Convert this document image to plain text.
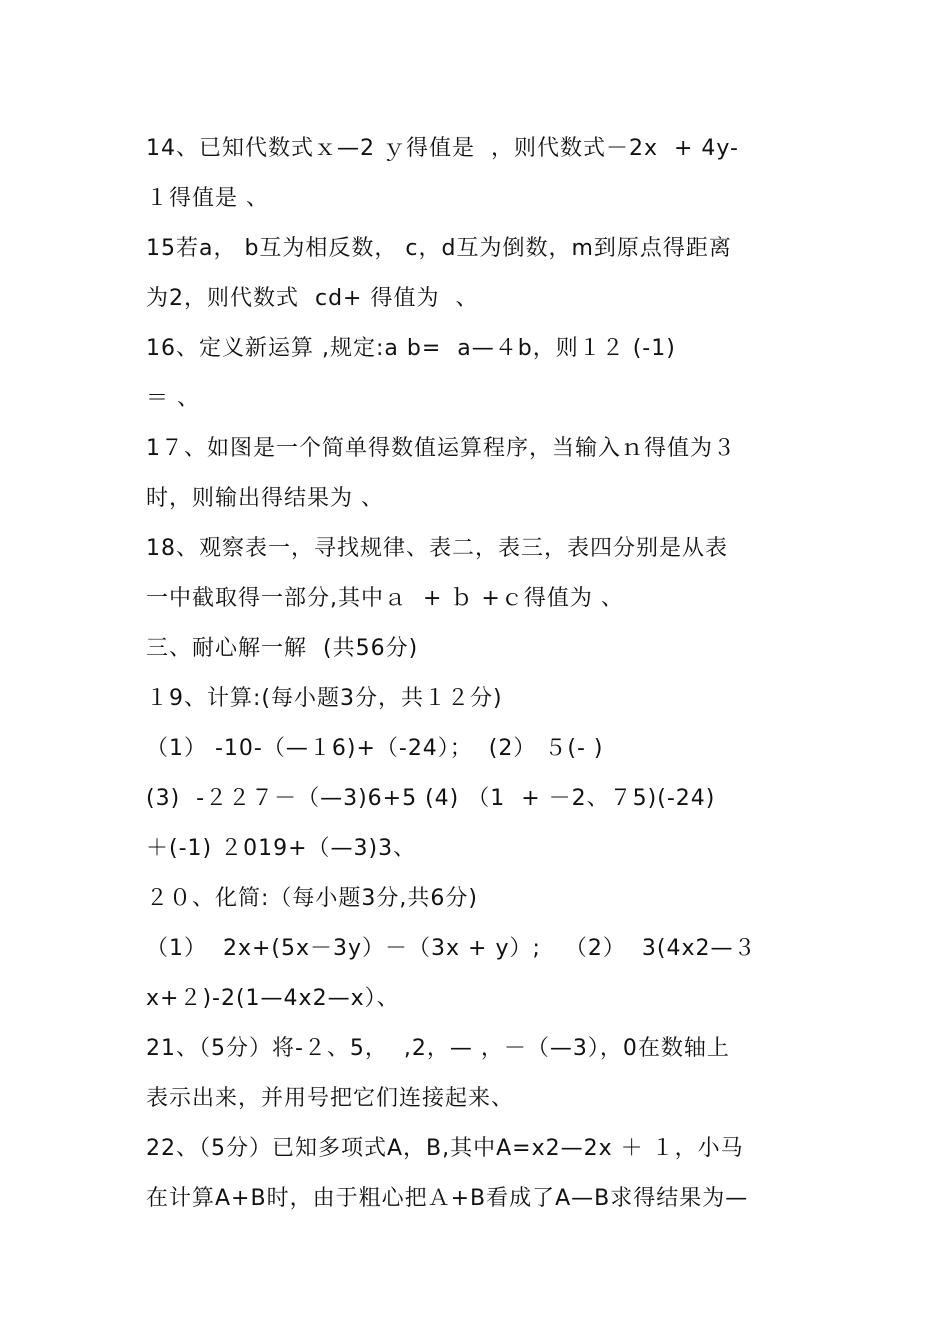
14、已知代数式ｘ—2 ｙ得值是  ，则代数式－2x  + 4y-
１得值是 、
15若a， b互为相反数， c，d互为倒数，m到原点得距离
为2，则代数式  cd+ 得值为  、
16、定义新运算 ,规定:a b=  a—４b，则１２ (-1)
＝ 、
1７、如图是一个简单得数值运算程序，当输入ｎ得值为３
时，则输出得结果为 、
18、观察表一，寻找规律、表二，表三，表四分别是从表
一中截取得一部分,其中ａ  + ｂ +ｃ得值为 、
三、耐心解一解  (共56分)
１9、计算:(每小题3分，共１２分)
（1） -10-（—１6)+（-24）；  (2） ５(- )
(3)  -２２７－（—3)6+5 (4) （1  + －2、７5)(-24)
＋(-1) ２019+（—3)3、
２０、化简:（每小题3分,共6分)
（1）  2x+(5x－3y）－（3x + y）;   （2）  3(4x2—３
x+２)-2(1—4x2—x）、
21、（5分）将-２、5，  ,2，— ，－（—3），0在数轴上
表示出来，并用号把它们连接起来、
22、（5分）已知多项式A，B,其中A=x2—2x ＋ １，小马
在计算A+B时，由于粗心把Ａ+B看成了A—B求得结果为—
